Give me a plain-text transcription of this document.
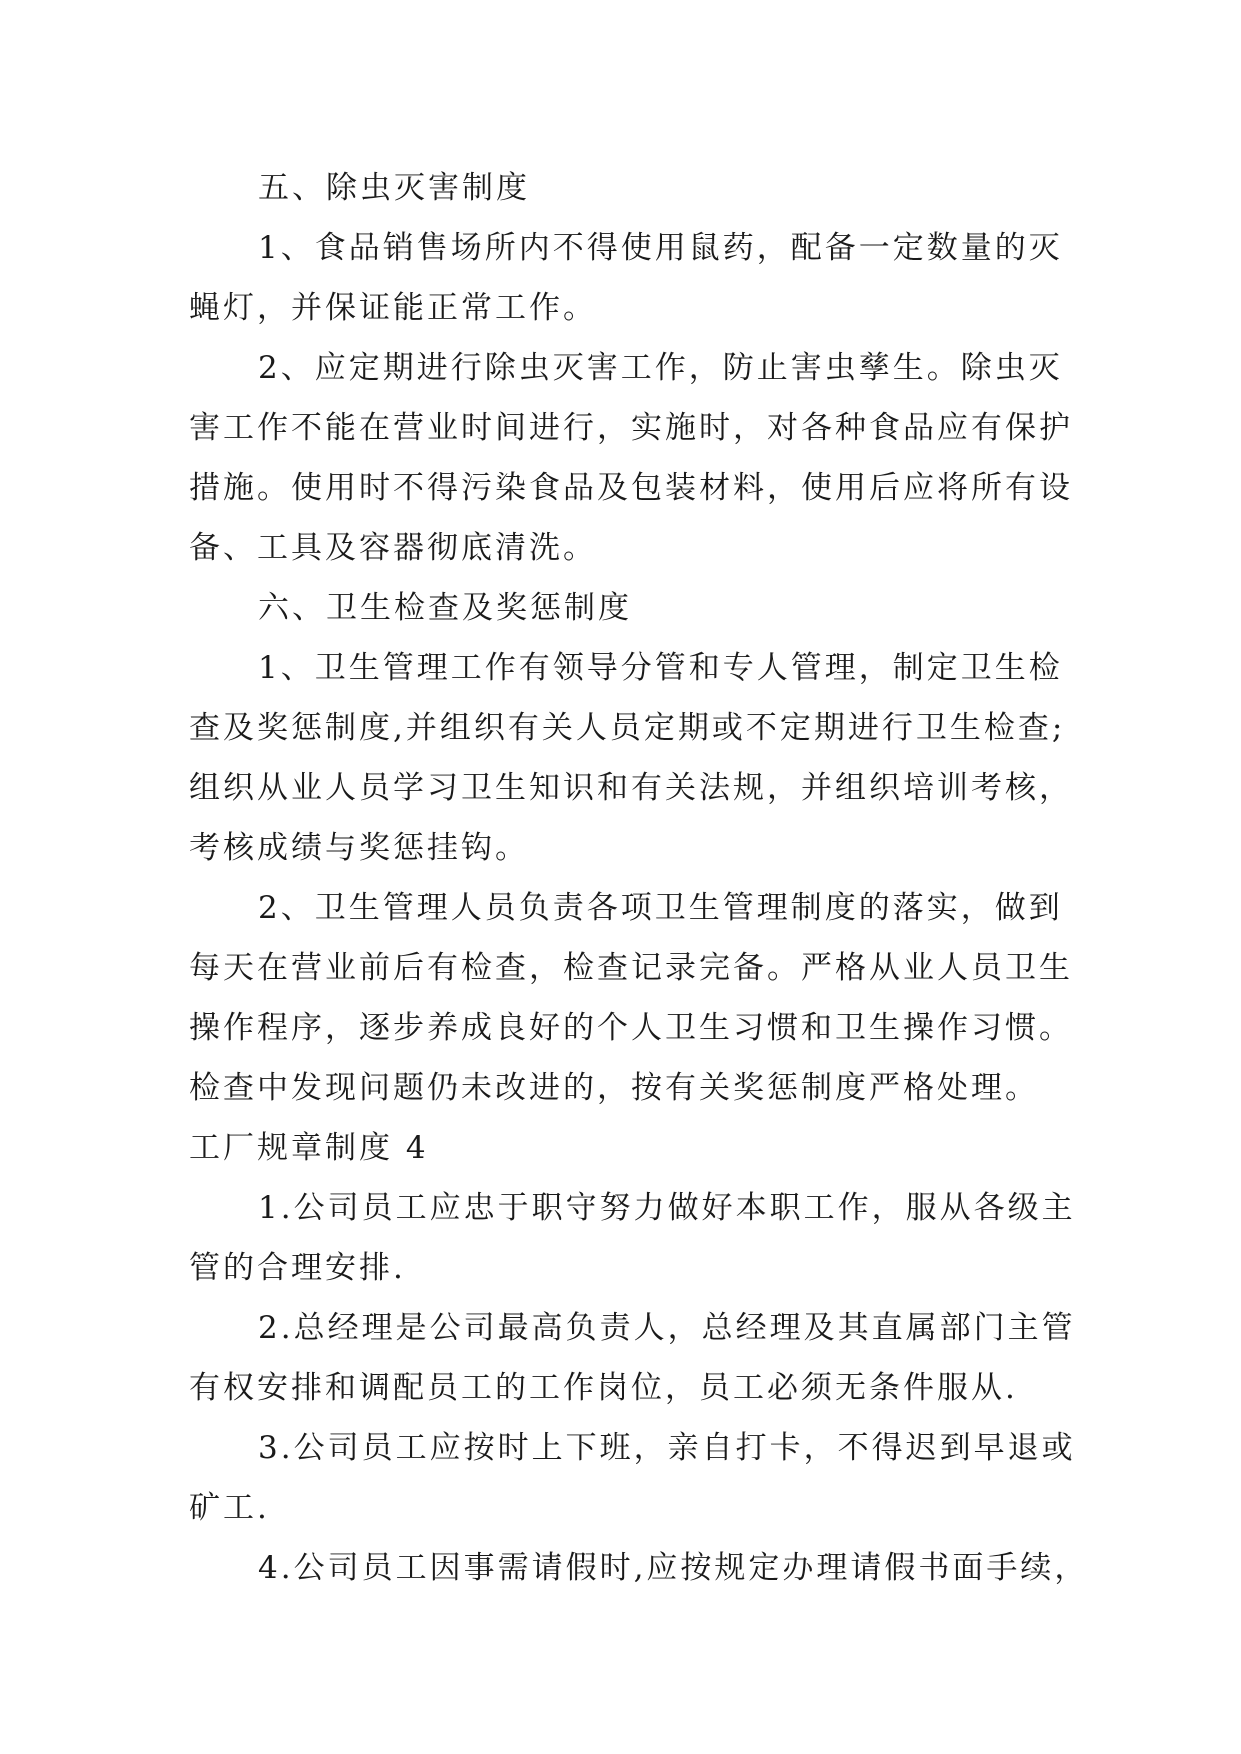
五、除虫灭害制度
1、食品销售场所内不得使用鼠药，配备一定数量的灭
蝇灯，并保证能正常工作。
2、应定期进行除虫灭害工作，防止害虫孳生。除虫灭
害工作不能在营业时间进行，实施时，对各种食品应有保护
措施。使用时不得污染食品及包装材料，使用后应将所有设
备、工具及容器彻底清洗。
六、卫生检查及奖惩制度
1、卫生管理工作有领导分管和专人管理，制定卫生检
查及奖惩制度,并组织有关人员定期或不定期进行卫生检查;
组织从业人员学习卫生知识和有关法规，并组织培训考核，
考核成绩与奖惩挂钩。
2、卫生管理人员负责各项卫生管理制度的落实，做到
每天在营业前后有检查，检查记录完备。严格从业人员卫生
操作程序，逐步养成良好的个人卫生习惯和卫生操作习惯。
检查中发现问题仍未改进的，按有关奖惩制度严格处理。
工厂规章制度 4
1.公司员工应忠于职守努力做好本职工作，服从各级主
管的合理安排.
2.总经理是公司最高负责人，总经理及其直属部门主管
有权安排和调配员工的工作岗位，员工必须无条件服从.
3.公司员工应按时上下班，亲自打卡，不得迟到早退或
矿工.
4.公司员工因事需请假时,应按规定办理请假书面手续，
